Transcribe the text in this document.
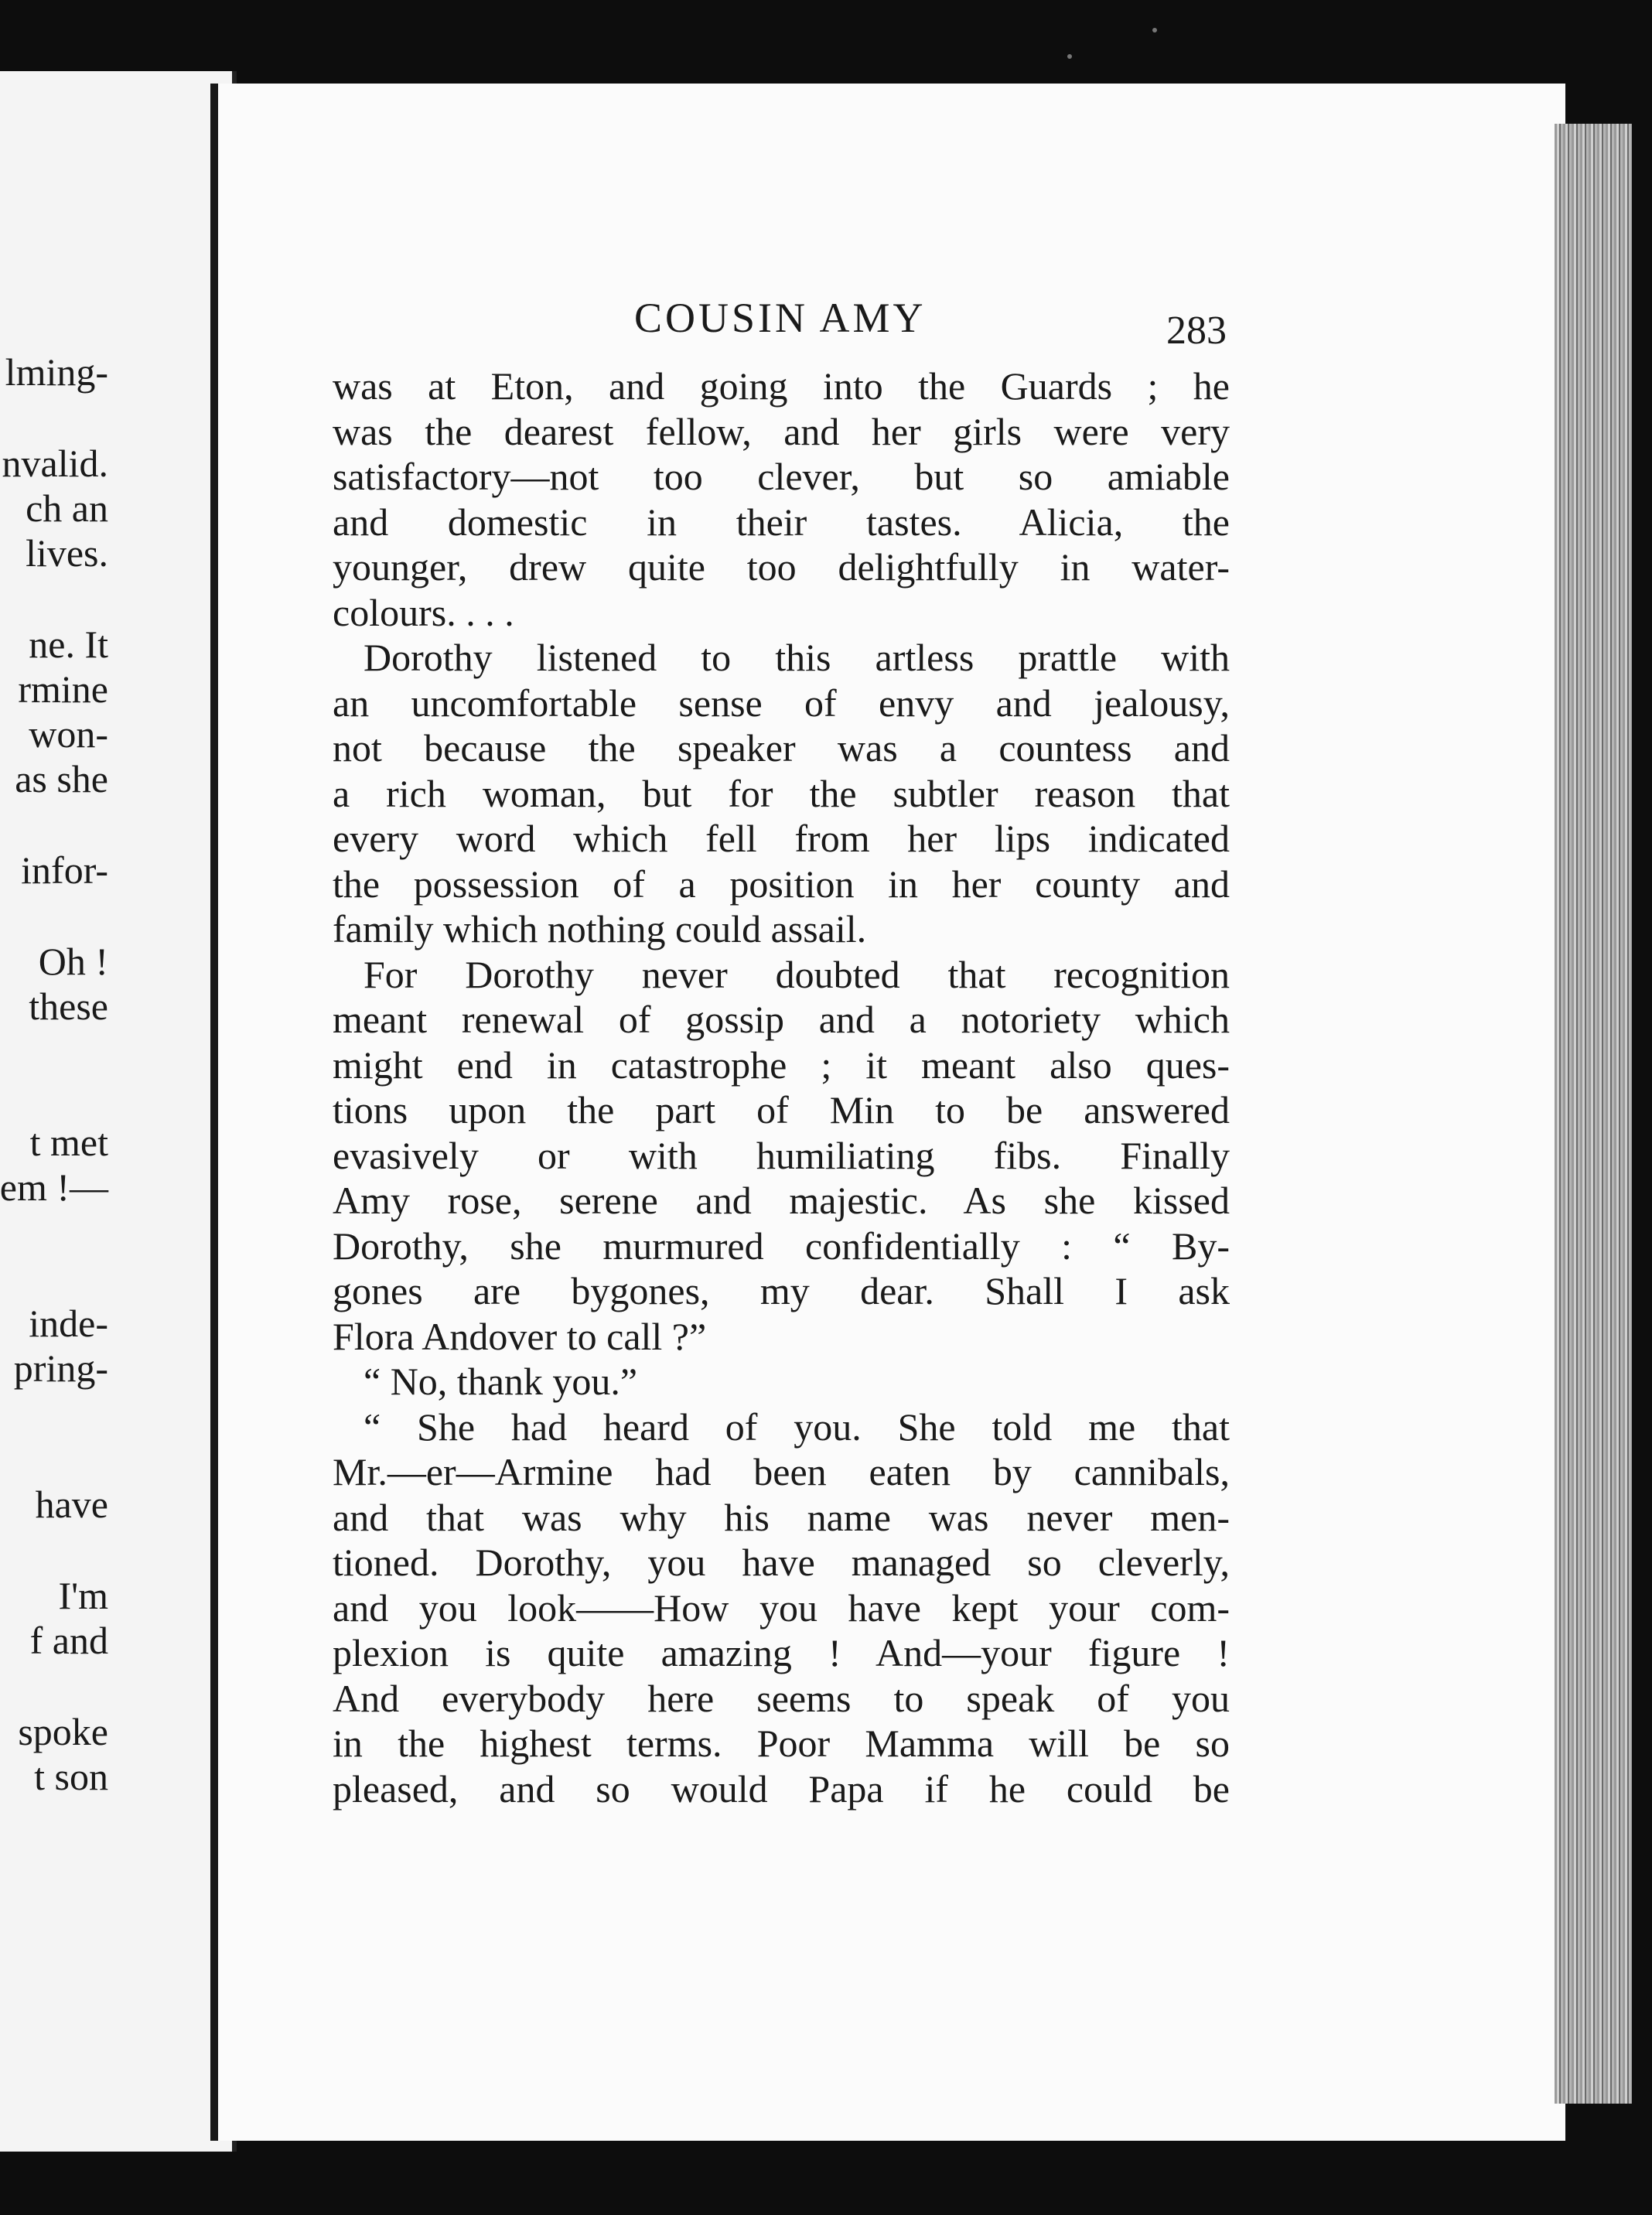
lming-
nvalid.
ch an
lives.
ne. It
rmine
won-
as she
infor-
Oh !
these
t met
em !—
inde-
pring-
have
I'm
f and
spoke
t son
COUSIN AMY	283
was at Eton, and going into the Guards ; he
was the dearest fellow, and her girls were very
satisfactory—not too clever, but so amiable
and domestic in their tastes. Alicia, the
younger, drew quite too delightfully in water-
colours. . . .
Dorothy listened to this artless prattle with
an uncomfortable sense of envy and jealousy,
not because the speaker was a countess and
a rich woman, but for the subtler reason that
every word which fell from her lips indicated
the possession of a position in her county and
family which nothing could assail.
For Dorothy never doubted that recognition
meant renewal of gossip and a notoriety which
might end in catastrophe ; it meant also ques-
tions upon the part of Min to be answered
evasively or with humiliating fibs. Finally
Amy rose, serene and majestic. As she kissed
Dorothy, she murmured confidentially : “ By-
gones are bygones, my dear. Shall I ask
Flora Andover to call ?”
“ No, thank you.”
“ She had heard of you. She told me that
Mr.—er—Armine had been eaten by cannibals,
and that was why his name was never men-
tioned. Dorothy, you have managed so cleverly,
and you look——How you have kept your com-
plexion is quite amazing ! And—your figure !
And everybody here seems to speak of you
in the highest terms. Poor Mamma will be so
pleased, and so would Papa if he could be
